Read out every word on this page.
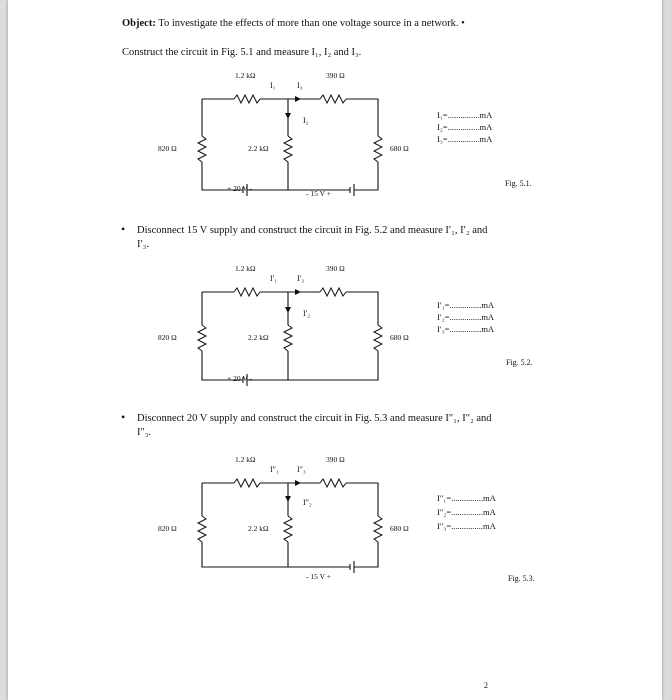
Object: To investigate the effects of more than one voltage source in a network. •
Construct the circuit in Fig. 5.1 and measure I₁, I₂ and I₃.
1.2 kΩ	390 Ω
I₁	I₃
I₂
820 Ω	2.2 kΩ	680 Ω
+ 20 V -
- 15 V +
I₁=...............mA
I₂=...............mA
I₃=...............mA
Fig. 5.1.
• Disconnect 15 V supply and construct the circuit in Fig. 5.2 and measure I′₁, I′₂ and
I′₃.
1.2 kΩ	390 Ω
I′₁ I′₃
I′₂
820 Ω	2.2 kΩ	680 Ω
+ 20 V -
I′₁=...............mA
I′₂=...............mA
I′₃=...............mA
Fig. 5.2.
• Disconnect 20 V supply and construct the circuit in Fig. 5.3 and measure I″₁, I″₂ and
I″₃.
1.2 kΩ	390 Ω
I″₁ I″₃
I″₂
820 Ω	2.2 kΩ	680 Ω
- 15 V +
I″₁=...............mA
I″₂=...............mA
I″₃=...............mA
Fig. 5.3.
2
